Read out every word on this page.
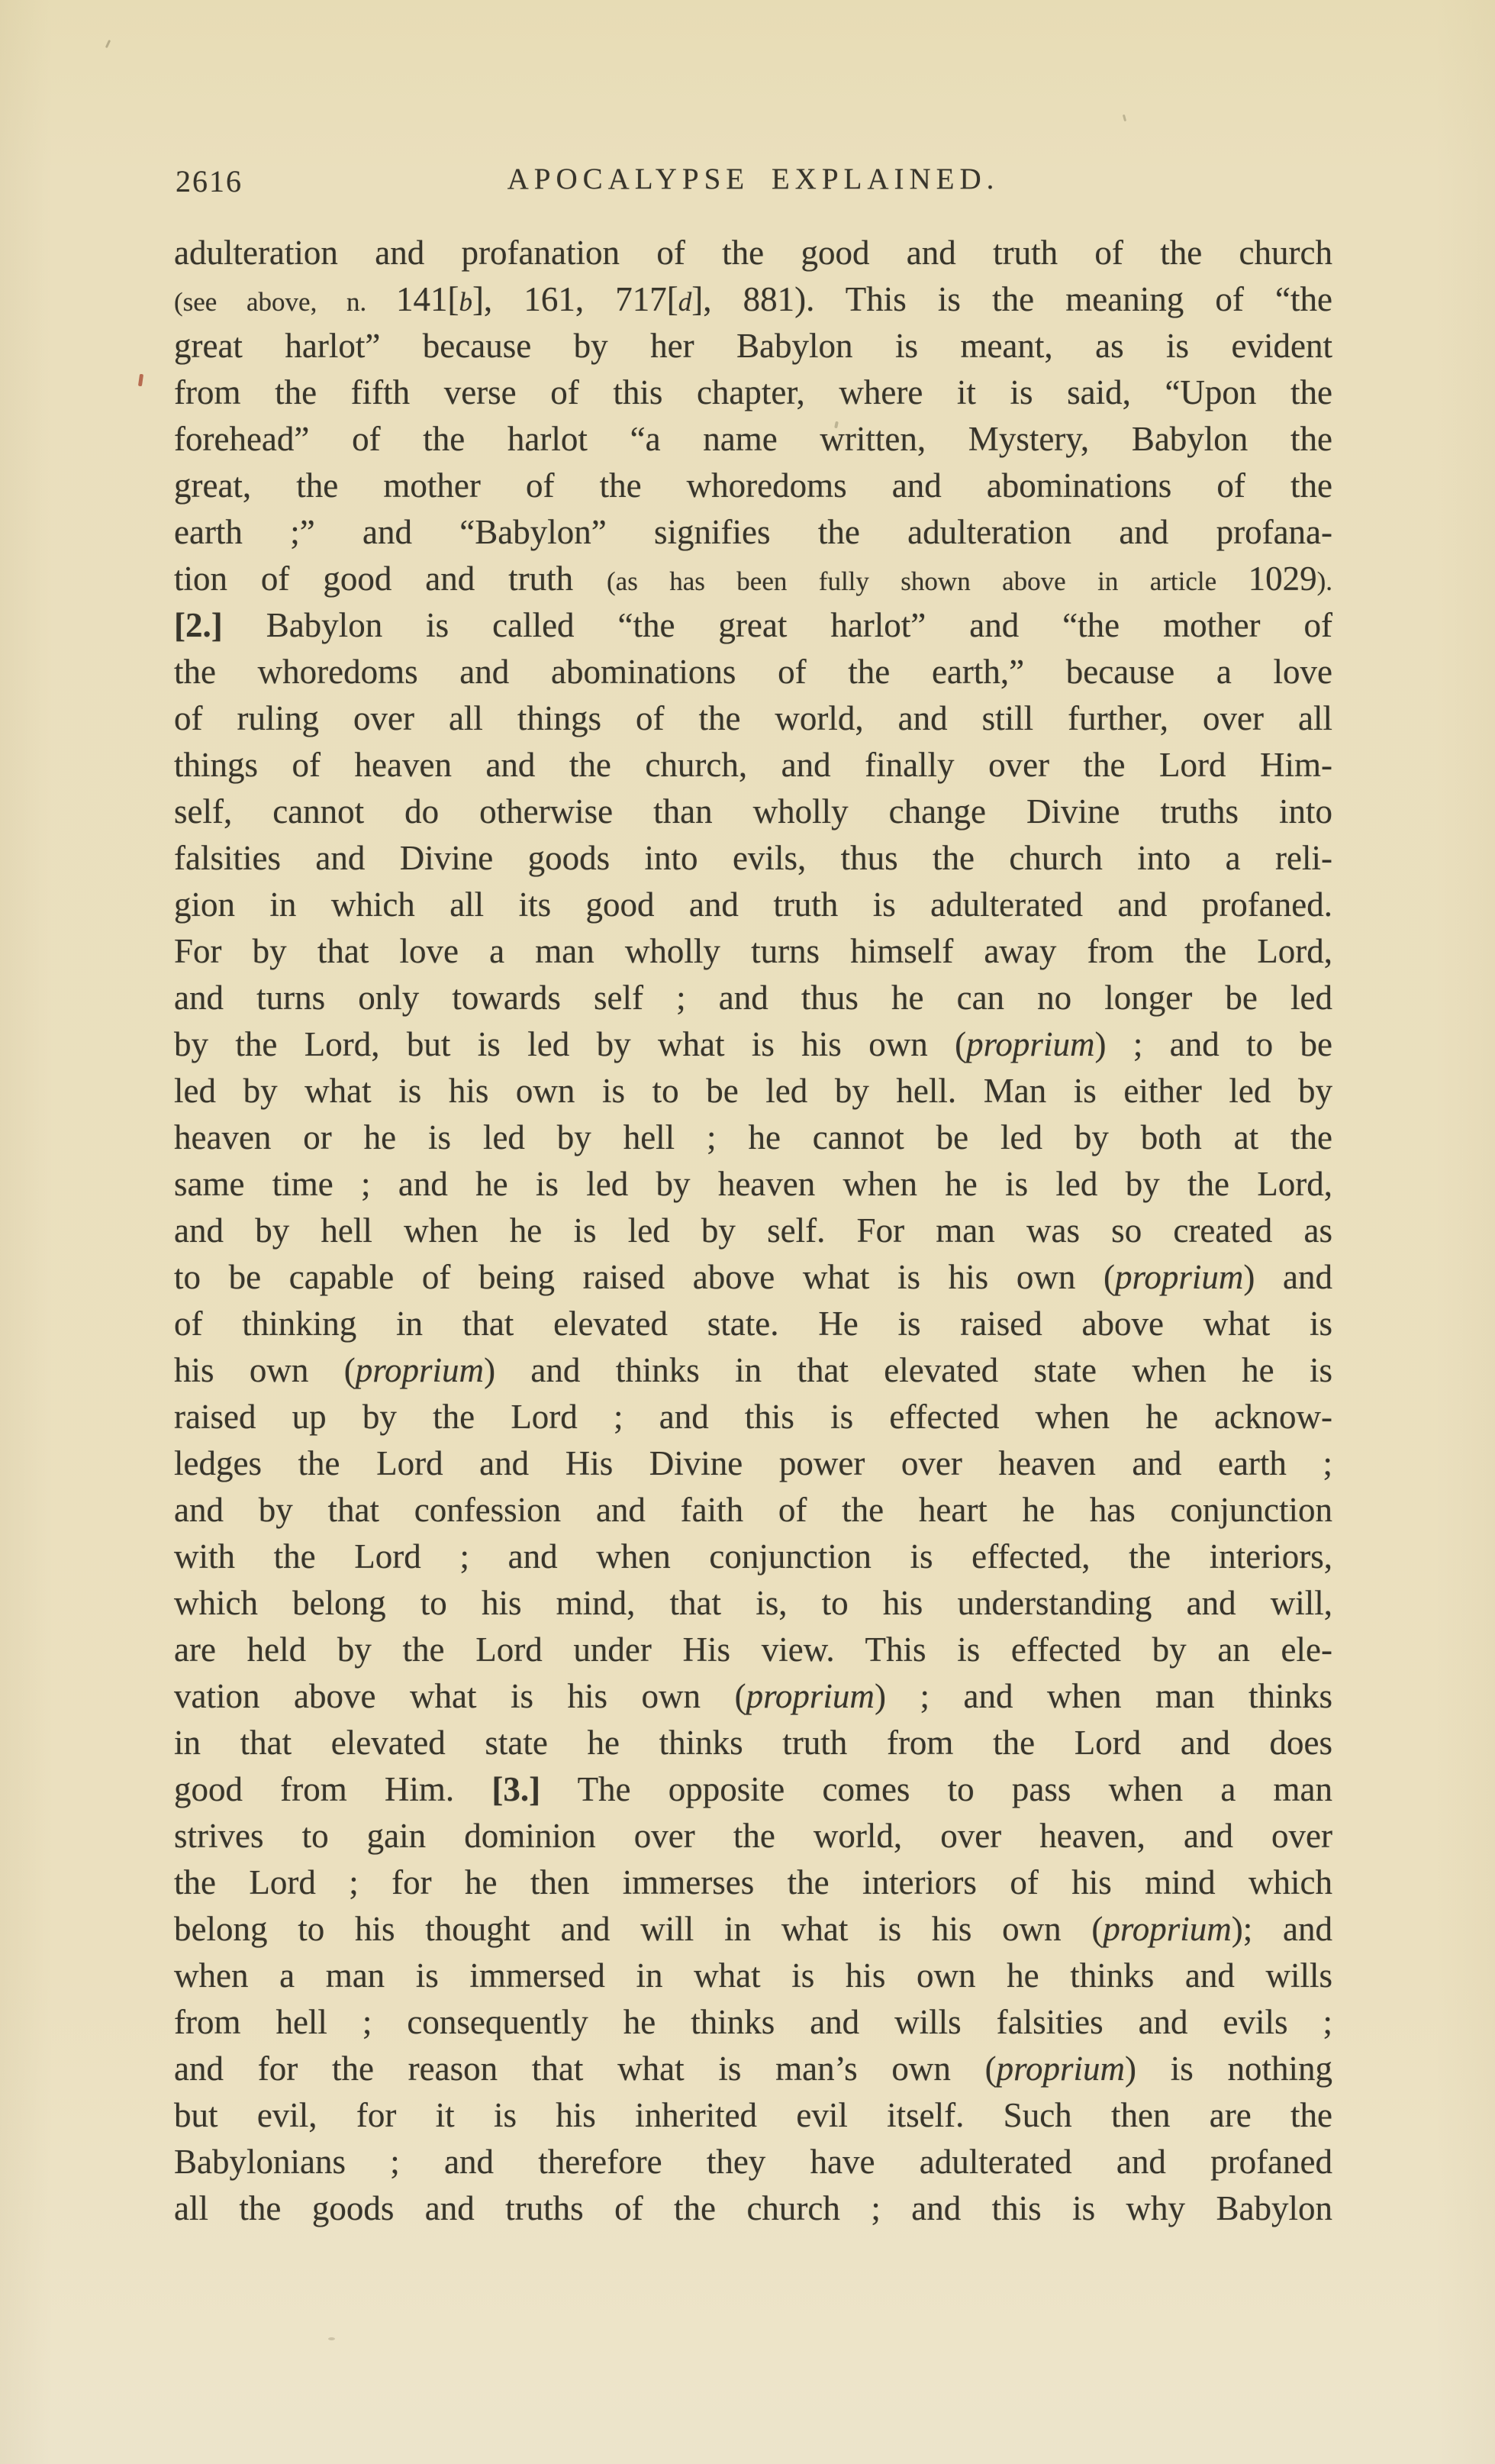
2616	APOCALYPSE EXPLAINED.
adulteration and profanation of the good and truth of the church
(see above, n. 141[b], 161, 717[d], 881). This is the meaning of “the
great harlot” because by her Babylon is meant, as is evident
from the fifth verse of this chapter, where it is said, “Upon the
forehead” of the harlot “a name written, Mystery, Babylon the
great, the mother of the whoredoms and abominations of the
earth ;” and “Babylon” signifies the adulteration and profana-
tion of good and truth (as has been fully shown above in article 1029).
[2.] Babylon is called “the great harlot” and “the mother of
the whoredoms and abominations of the earth,” because a love
of ruling over all things of the world, and still further, over all
things of heaven and the church, and finally over the Lord Him-
self, cannot do otherwise than wholly change Divine truths into
falsities and Divine goods into evils, thus the church into a reli-
gion in which all its good and truth is adulterated and profaned.
For by that love a man wholly turns himself away from the Lord,
and turns only towards self ; and thus he can no longer be led
by the Lord, but is led by what is his own (proprium) ; and to be
led by what is his own is to be led by hell. Man is either led by
heaven or he is led by hell ; he cannot be led by both at the
same time ; and he is led by heaven when he is led by the Lord,
and by hell when he is led by self. For man was so created as
to be capable of being raised above what is his own (proprium) and
of thinking in that elevated state. He is raised above what is
his own (proprium) and thinks in that elevated state when he is
raised up by the Lord ; and this is effected when he acknow-
ledges the Lord and His Divine power over heaven and earth ;
and by that confession and faith of the heart he has conjunction
with the Lord ; and when conjunction is effected, the interiors,
which belong to his mind, that is, to his understanding and will,
are held by the Lord under His view. This is effected by an ele-
vation above what is his own (proprium) ; and when man thinks
in that elevated state he thinks truth from the Lord and does
good from Him. [3.] The opposite comes to pass when a man
strives to gain dominion over the world, over heaven, and over
the Lord ; for he then immerses the interiors of his mind which
belong to his thought and will in what is his own (proprium); and
when a man is immersed in what is his own he thinks and wills
from hell ; consequently he thinks and wills falsities and evils ;
and for the reason that what is man’s own (proprium) is nothing
but evil, for it is his inherited evil itself. Such then are the
Babylonians ; and therefore they have adulterated and profaned
all the goods and truths of the church ; and this is why Babylon
